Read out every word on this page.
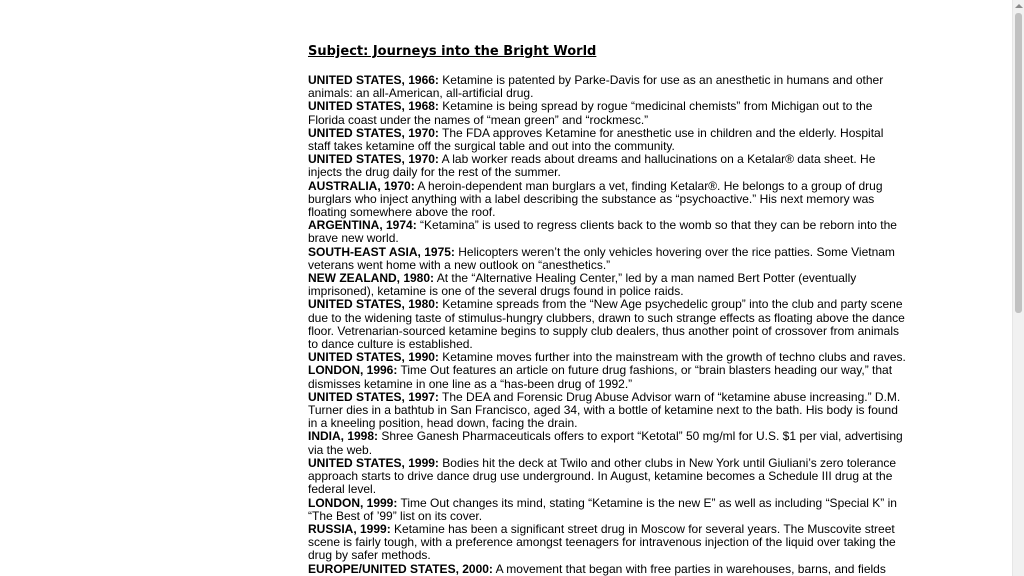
Subject: Journeys into the Bright World

UNITED STATES, 1966: Ketamine is patented by Parke-Davis for use as an anesthetic in humans and other animals: an all-American, all-artificial drug.

UNITED STATES, 1968: Ketamine is being spread by rogue “medicinal chemists” from Michigan out to the Florida coast under the names of “mean green” and “rockmesc.”

UNITED STATES, 1970: The FDA approves Ketamine for anesthetic use in children and the elderly. Hospital staff takes ketamine off the surgical table and out into the community.

UNITED STATES, 1970: A lab worker reads about dreams and hallucinations on a Ketalar® data sheet. He injects the drug daily for the rest of the summer.

AUSTRALIA, 1970: A heroin-dependent man burglars a vet, finding Ketalar®. He belongs to a group of drug burglars who inject anything with a label describing the substance as “psychoactive.” His next memory was floating somewhere above the roof.

ARGENTINA, 1974: “Ketamina” is used to regress clients back to the womb so that they can be reborn into the brave new world.

SOUTH-EAST ASIA, 1975: Helicopters weren’t the only vehicles hovering over the rice patties. Some Vietnam veterans went home with a new outlook on “anesthetics.”

NEW ZEALAND, 1980: At the “Alternative Healing Center,” led by a man named Bert Potter (eventually imprisoned), ketamine is one of the several drugs found in police raids.

UNITED STATES, 1980: Ketamine spreads from the “New Age psychedelic group” into the club and party scene due to the widening taste of stimulus-hungry clubbers, drawn to such strange effects as floating above the dance floor. Vetrenarian-sourced ketamine begins to supply club dealers, thus another point of crossover from animals to dance culture is established.

UNITED STATES, 1990: Ketamine moves further into the mainstream with the growth of techno clubs and raves.

LONDON, 1996: Time Out features an article on future drug fashions, or “brain blasters heading our way,” that dismisses ketamine in one line as a “has-been drug of 1992.”

UNITED STATES, 1997: The DEA and Forensic Drug Abuse Advisor warn of “ketamine abuse increasing.” D.M. Turner dies in a bathtub in San Francisco, aged 34, with a bottle of ketamine next to the bath. His body is found in a kneeling position, head down, facing the drain.

INDIA, 1998: Shree Ganesh Pharmaceuticals offers to export “Ketotal” 50 mg/ml for U.S. $1 per vial, advertising via the web.

UNITED STATES, 1999: Bodies hit the deck at Twilo and other clubs in New York until Giuliani’s zero tolerance approach starts to drive dance drug use underground. In August, ketamine becomes a Schedule III drug at the federal level.

LONDON, 1999: Time Out changes its mind, stating “Ketamine is the new E” as well as including “Special K” in “The Best of ’99” list on its cover.

RUSSIA, 1999: Ketamine has been a significant street drug in Moscow for several years. The Muscovite street scene is fairly tough, with a preference amongst teenagers for intravenous injection of the liquid over taking the drug by safer methods.

EUROPE/UNITED STATES, 2000: A movement that began with free parties in warehouses, barns, and fields
